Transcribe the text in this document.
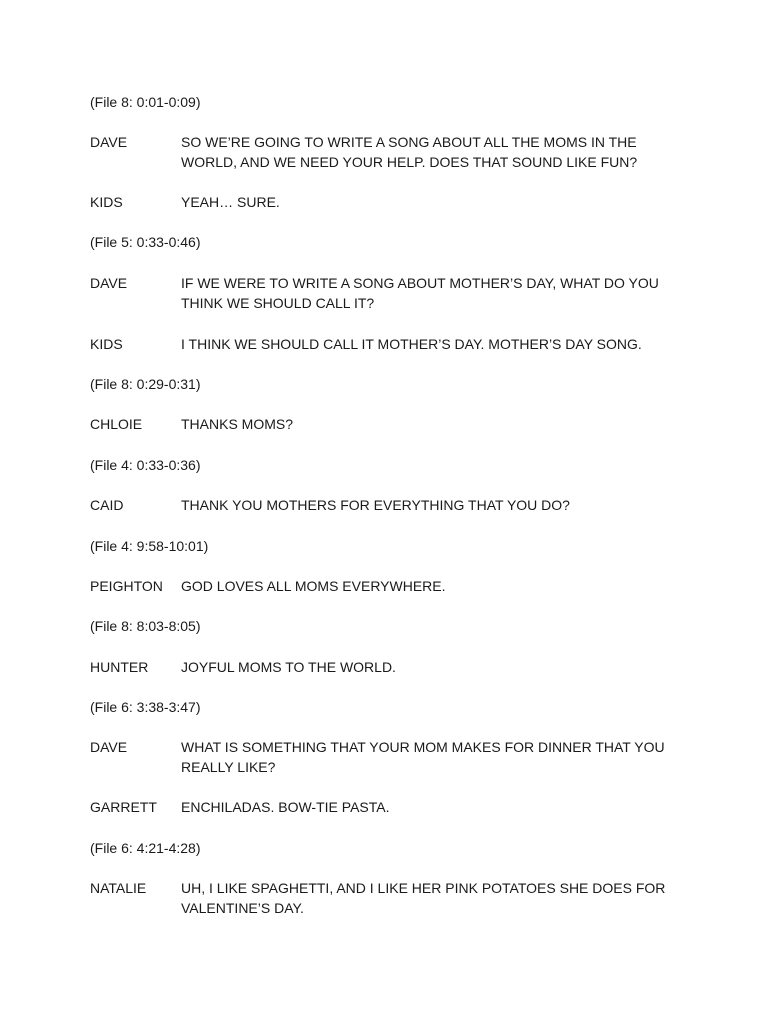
(File 8: 0:01-0:09)
DAVE	SO WE’RE GOING TO WRITE A SONG ABOUT ALL THE MOMS IN THE WORLD, AND WE NEED YOUR HELP. DOES THAT SOUND LIKE FUN?
KIDS	YEAH… SURE.
(File 5: 0:33-0:46)
DAVE	IF WE WERE TO WRITE A SONG ABOUT MOTHER’S DAY, WHAT DO YOU THINK WE SHOULD CALL IT?
KIDS	I THINK WE SHOULD CALL IT MOTHER’S DAY. MOTHER’S DAY SONG.
(File 8: 0:29-0:31)
CHLOIE	THANKS MOMS?
(File 4: 0:33-0:36)
CAID	THANK YOU MOTHERS FOR EVERYTHING THAT YOU DO?
(File 4: 9:58-10:01)
PEIGHTON GOD LOVES ALL MOMS EVERYWHERE.
(File 8: 8:03-8:05)
HUNTER JOYFUL MOMS TO THE WORLD.
(File 6: 3:38-3:47)
DAVE	WHAT IS SOMETHING THAT YOUR MOM MAKES FOR DINNER THAT YOU REALLY LIKE?
GARRETT ENCHILADAS. BOW-TIE PASTA.
(File 6: 4:21-4:28)
NATALIE UH, I LIKE SPAGHETTI, AND I LIKE HER PINK POTATOES SHE DOES FOR VALENTINE’S DAY.
